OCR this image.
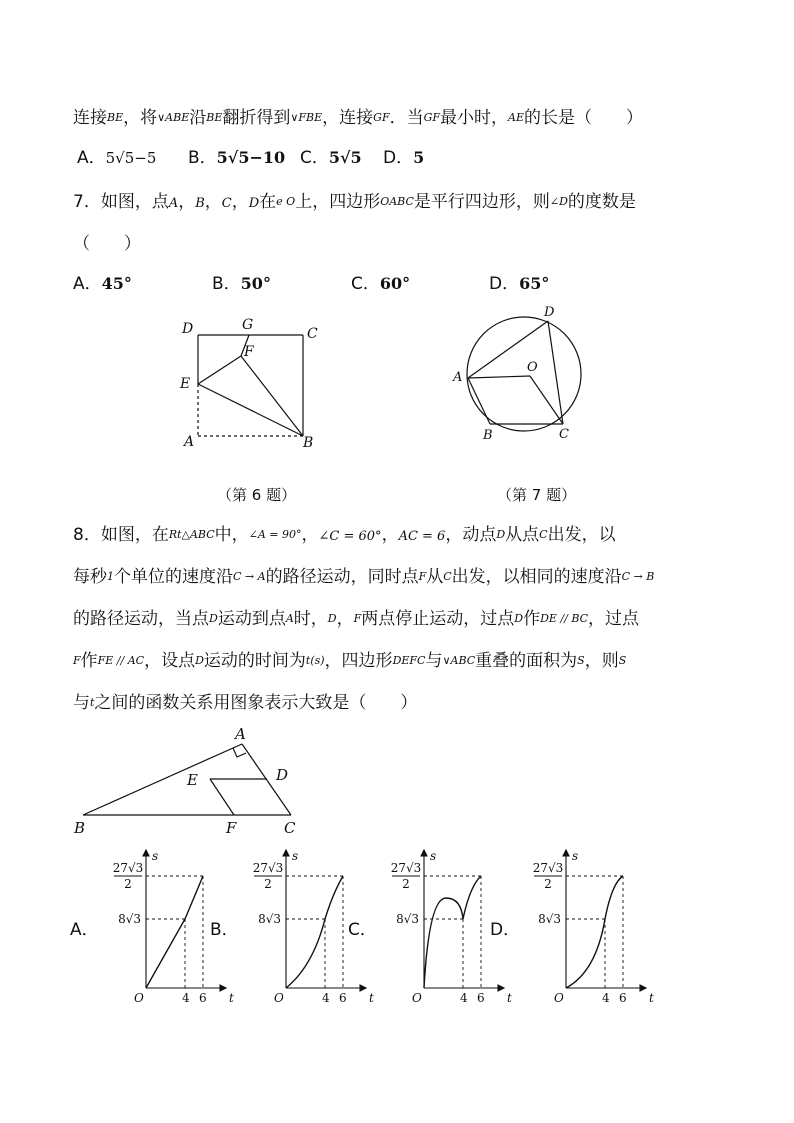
连接BE，将∨ABE沿BE翻折得到∨FBE，连接GF．当GF最小时，AE的长是（　　）
A．5√5−5 B．5√5−10 C．5√5 D．5
7．如图，点A，B，C，D在e O上，四边形OABC是平行四边形，则∠D的度数是
（　　）
A．45°	B．50°	C．60°	D．65°
D	G
C
F
E
A	B
D
A
O
B	C
（第 6 题）	（第 7 题）
8．如图，在Rt△ABC中，∠A = 90°，∠C = 60°，AC = 6，动点D从点C出发，以
每秒1个单位的速度沿C → A的路径运动，同时点F从C出发，以相同的速度沿C → B
的路径运动，当点D运动到点A时，D，F两点停止运动，过点D作DE // BC，过点
F作FE // AC，设点D运动的时间为t(s)，四边形DEFC与∨ABC重叠的面积为S，则S
与t之间的函数关系用图象表示大致是（　　）
A
D
E
B	F	C
A．
27√3
2
8√3
4 6
O	t
s
B．
27√3
2
8√3
4 6
O	t
s
C．
27√3
2
8√3
4 6
O	t
s
D．
27√3
2
8√3
4 6
O	t
s
